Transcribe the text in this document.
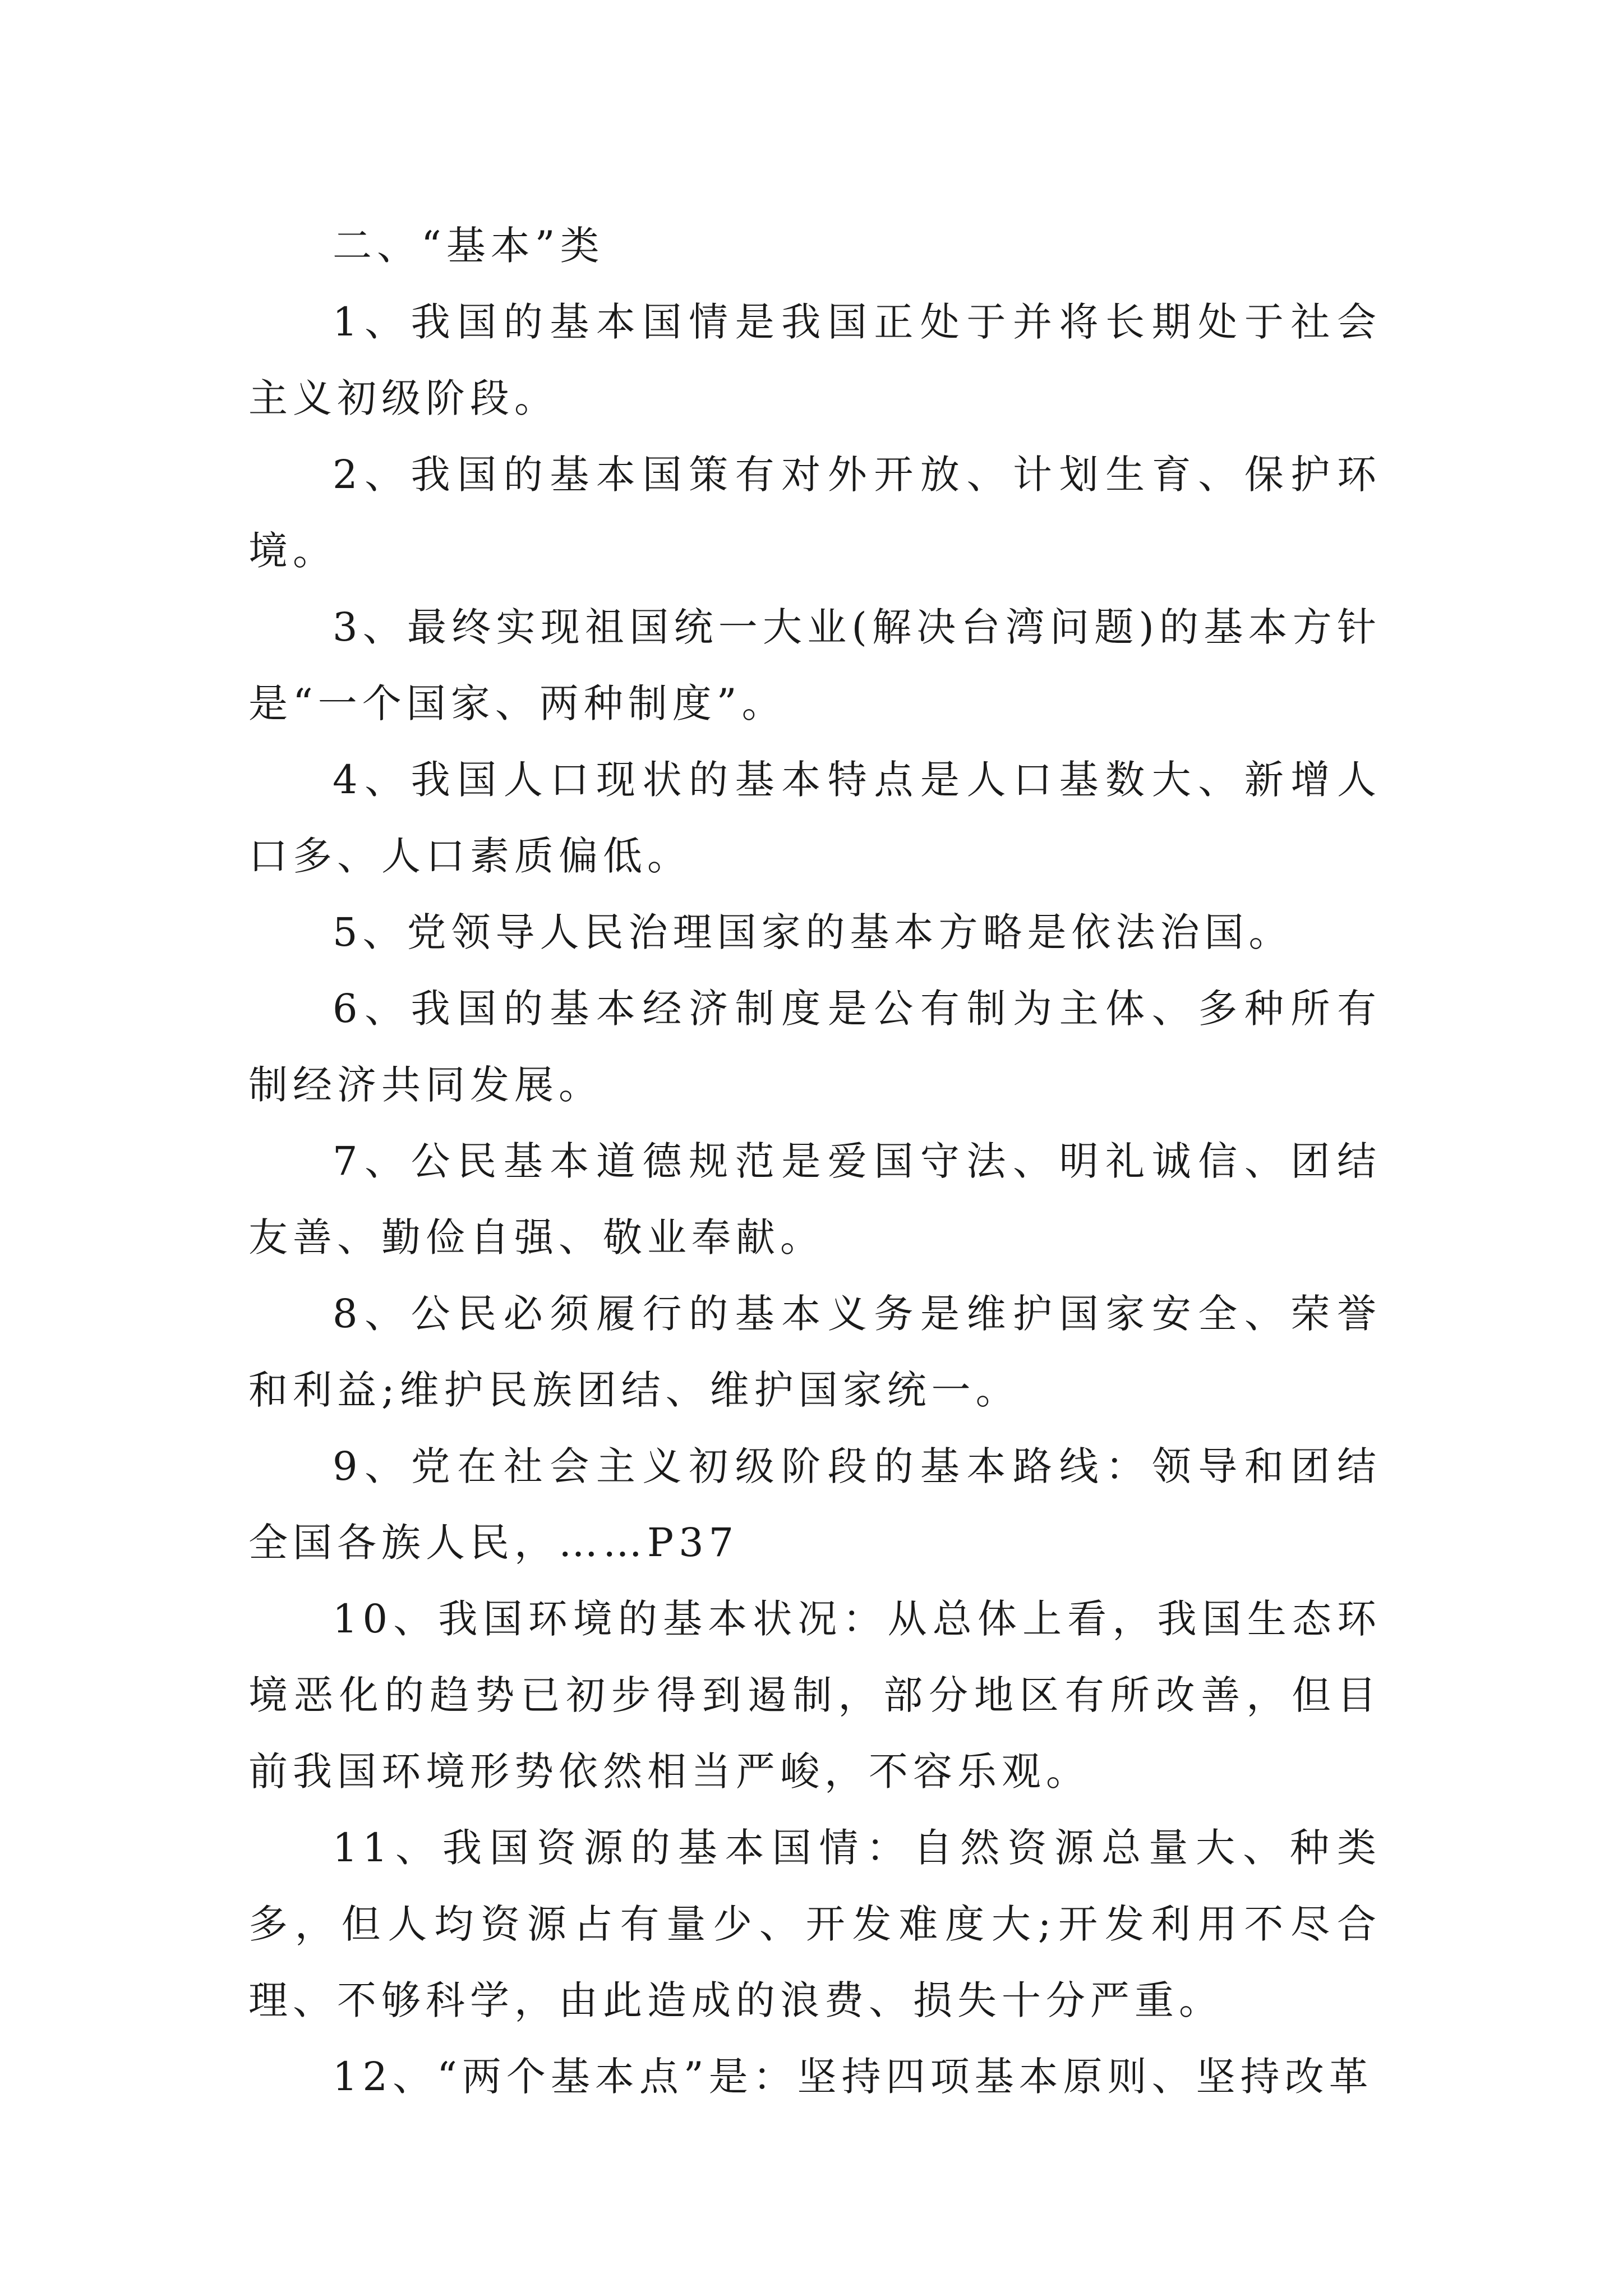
二、“基本”类

1、我国的基本国情是我国正处于并将长期处于社会主义初级阶段。

2、我国的基本国策有对外开放、计划生育、保护环境。

3、最终实现祖国统一大业(解决台湾问题)的基本方针是“一个国家、两种制度”。

4、我国人口现状的基本特点是人口基数大、新增人口多、人口素质偏低。

5、党领导人民治理国家的基本方略是依法治国。

6、我国的基本经济制度是公有制为主体、多种所有制经济共同发展。

7、公民基本道德规范是爱国守法、明礼诚信、团结友善、勤俭自强、敬业奉献。

8、公民必须履行的基本义务是维护国家安全、荣誉和利益;维护民族团结、维护国家统一。

9、党在社会主义初级阶段的基本路线：领导和团结全国各族人民，……P37

10、我国环境的基本状况：从总体上看，我国生态环境恶化的趋势已初步得到遏制，部分地区有所改善，但目前我国环境形势依然相当严峻，不容乐观。

11、我国资源的基本国情：自然资源总量大、种类多，但人均资源占有量少、开发难度大;开发利用不尽合理、不够科学，由此造成的浪费、损失十分严重。

12、“两个基本点”是：坚持四项基本原则、坚持改革
